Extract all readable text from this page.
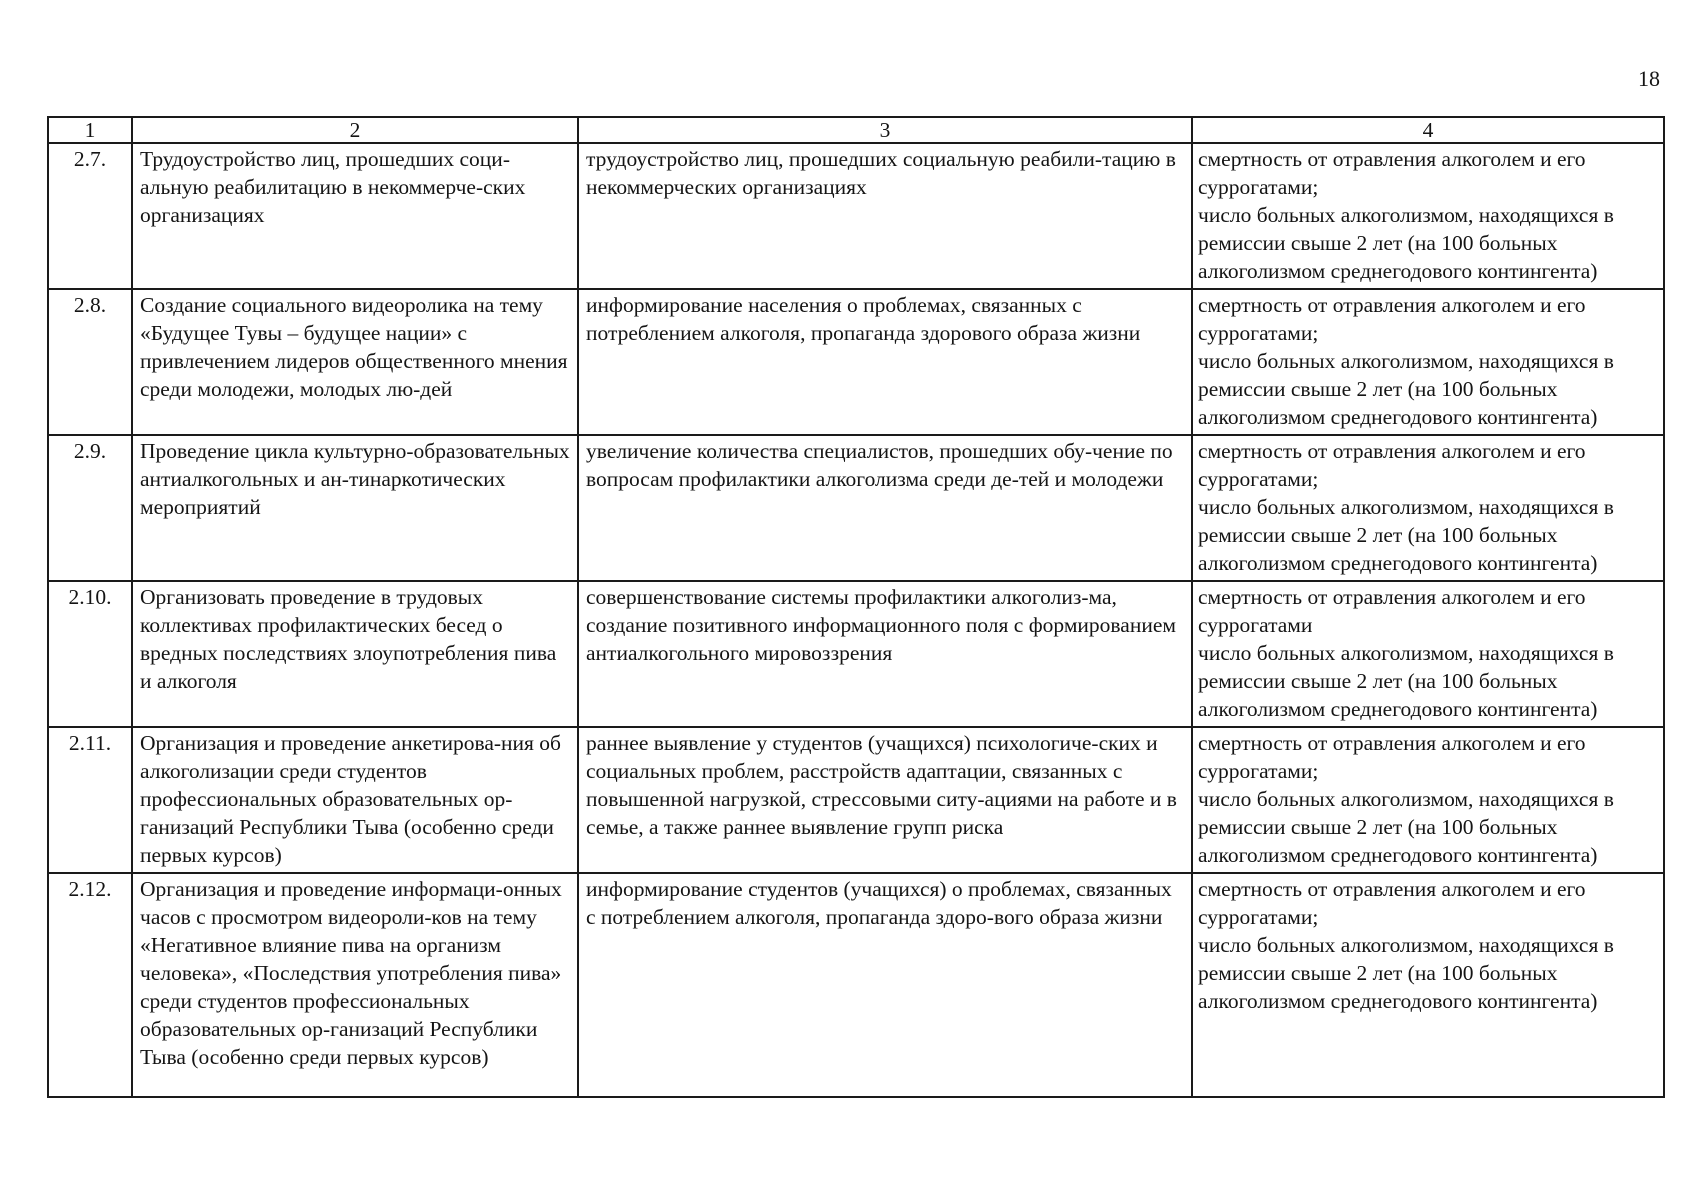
18
1	2	3	4
2.7.	Трудоустройство лиц, прошедших соци-альную реабилитацию в некоммерче-ских организациях	трудоустройство лиц, прошедших социальную реабили-тацию в некоммерческих организациях	смертность от отравления алкоголем и его суррогатами;
число больных алкоголизмом, находящихся в ремиссии свыше 2 лет (на 100 больных алкоголизмом среднегодового контингента)

2.8.	Создание социального видеоролика на тему «Будущее Тувы – будущее нации» с привлечением лидеров общественного мнения среди молодежи, молодых лю-дей	информирование населения о проблемах, связанных с потреблением алкоголя, пропаганда здорового образа жизни	смертность от отравления алкоголем и его суррогатами;
число больных алкоголизмом, находящихся в ремиссии свыше 2 лет (на 100 больных алкоголизмом среднегодового контингента)

2.9.	Проведение цикла культурно-образовательных антиалкогольных и ан-тинаркотических мероприятий	увеличение количества специалистов, прошедших обу-чение по вопросам профилактики алкоголизма среди де-тей и молодежи	смертность от отравления алкоголем и его суррогатами;
число больных алкоголизмом, находящихся в ремиссии свыше 2 лет (на 100 больных алкоголизмом среднегодового контингента)

2.10.	Организовать проведение в трудовых коллективах профилактических бесед о вредных последствиях злоупотребления пива и алкоголя	совершенствование системы профилактики алкоголиз-ма, создание позитивного информационного поля с формированием антиалкогольного мировоззрения	смертность от отравления алкоголем и его суррогатами
число больных алкоголизмом, находящихся в ремиссии свыше 2 лет (на 100 больных алкоголизмом среднегодового контингента)

2.11.	Организация и проведение анкетирова-ния об алкоголизации среди студентов профессиональных образовательных ор-ганизаций Республики Тыва (особенно среди первых курсов)	раннее выявление у студентов (учащихся) психологиче-ских и социальных проблем, расстройств адаптации, связанных с повышенной нагрузкой, стрессовыми ситу-ациями на работе и в семье, а также раннее выявление групп риска	смертность от отравления алкоголем и его суррогатами;
число больных алкоголизмом, находящихся в ремиссии свыше 2 лет (на 100 больных алкоголизмом среднегодового контингента)

2.12.	Организация и проведение информаци-онных часов с просмотром видеороли-ков на тему «Негативное влияние пива на организм человека», «Последствия употребления пива» среди студентов профессиональных образовательных ор-ганизаций Республики Тыва (особенно среди первых курсов)	информирование студентов (учащихся) о проблемах, связанных с потреблением алкоголя, пропаганда здоро-вого образа жизни	смертность от отравления алкоголем и его суррогатами;
число больных алкоголизмом, находящихся в ремиссии свыше 2 лет (на 100 больных алкоголизмом среднегодового контингента)
